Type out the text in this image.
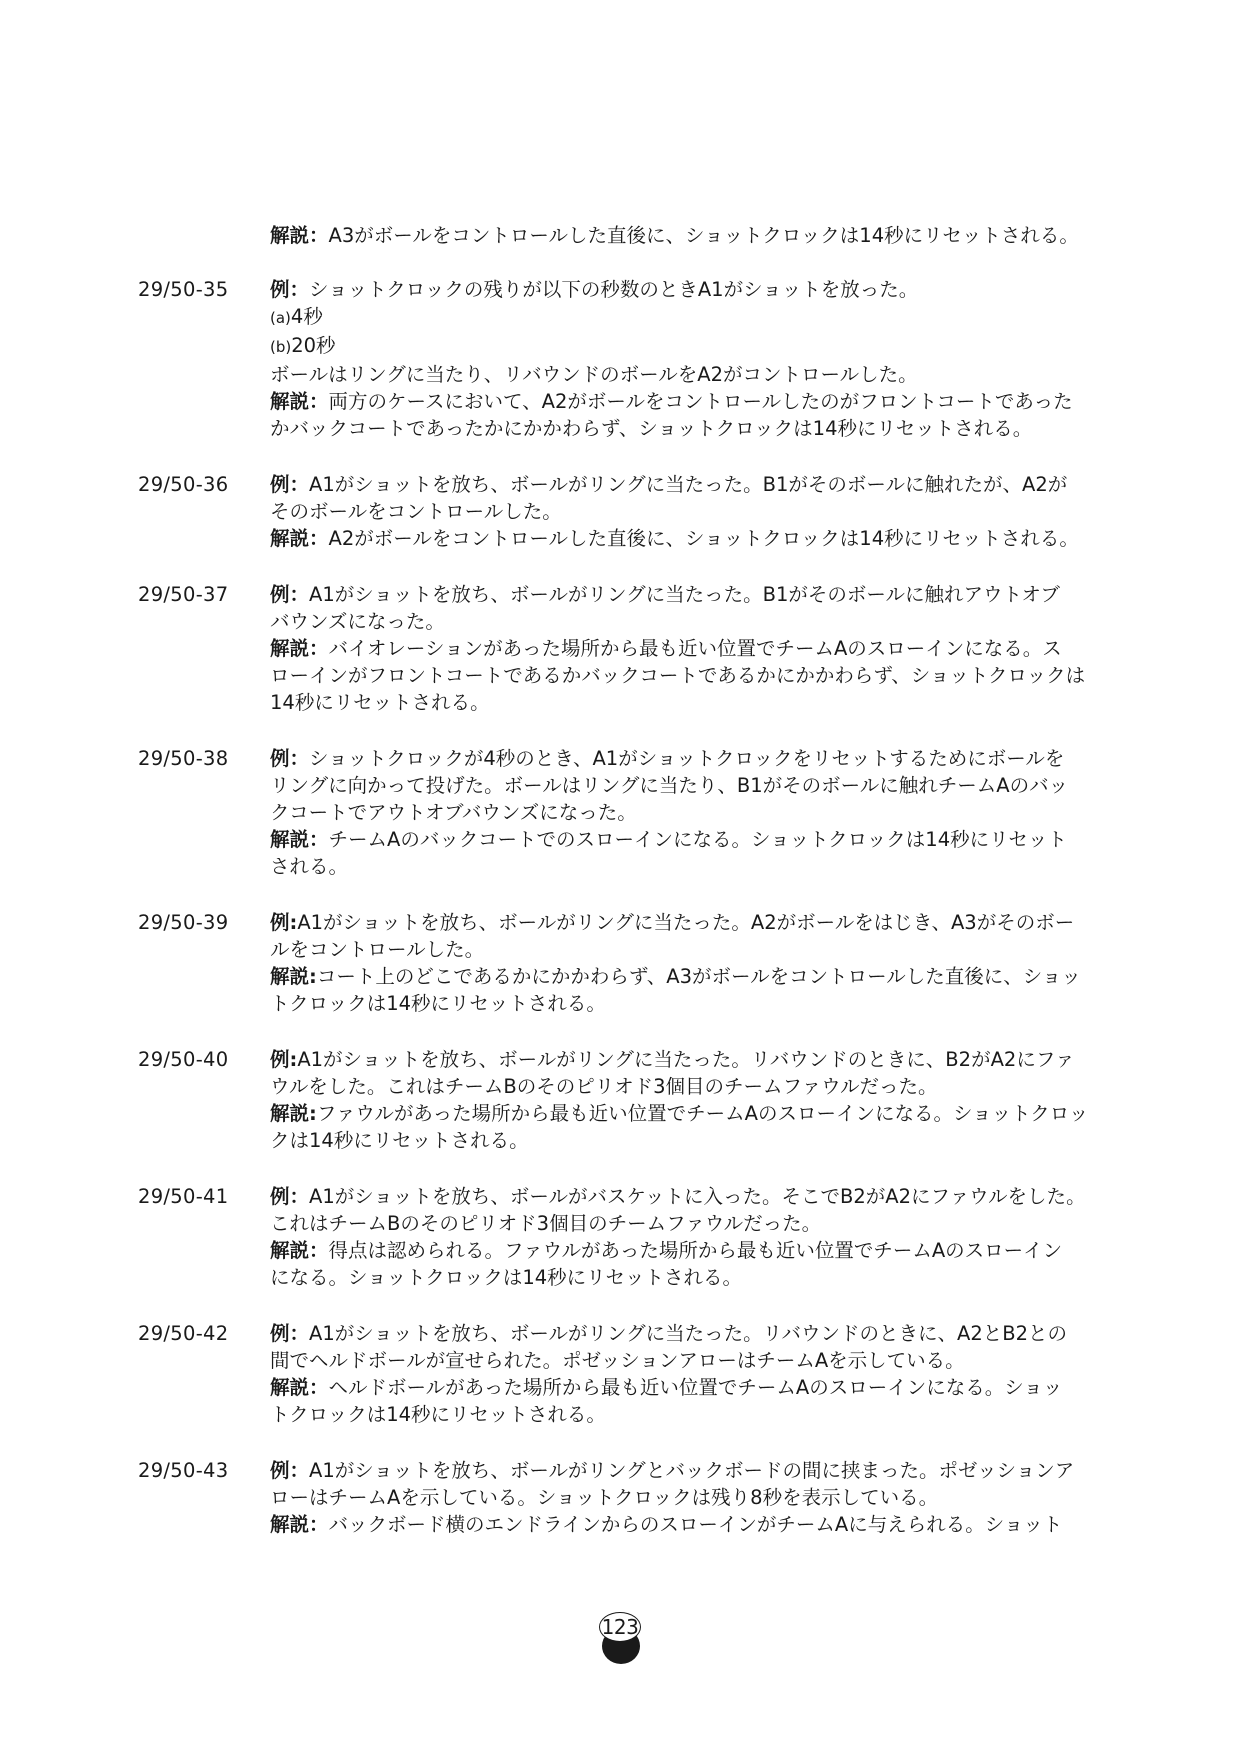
解説：A3がボールをコントロールした直後に、ショットクロックは14秒にリセットされる。
29/50-35 例：ショットクロックの残りが以下の秒数のときA1がショットを放った。
(a)4秒
(b)20秒
ボールはリングに当たり、リバウンドのボールをA2がコントロールした。
解説：両方のケースにおいて、A2がボールをコントロールしたのがフロントコートであった
かバックコートであったかにかかわらず、ショットクロックは14秒にリセットされる。
29/50-36 例：A1がショットを放ち、ボールがリングに当たった。B1がそのボールに触れたが、A2が
そのボールをコントロールした。
解説：A2がボールをコントロールした直後に、ショットクロックは14秒にリセットされる。
29/50-37 例：A1がショットを放ち、ボールがリングに当たった。B1がそのボールに触れアウトオブ
バウンズになった。
解説：バイオレーションがあった場所から最も近い位置でチームAのスローインになる。ス
ローインがフロントコートであるかバックコートであるかにかかわらず、ショットクロックは
14秒にリセットされる。
29/50-38 例：ショットクロックが4秒のとき、A1がショットクロックをリセットするためにボールを
リングに向かって投げた。ボールはリングに当たり、B1がそのボールに触れチームAのバッ
クコートでアウトオブバウンズになった。
解説：チームAのバックコートでのスローインになる。ショットクロックは14秒にリセット
される。
29/50-39 例:A1がショットを放ち、ボールがリングに当たった。A2がボールをはじき、A3がそのボー
ルをコントロールした。
解説:コート上のどこであるかにかかわらず、A3がボールをコントロールした直後に、ショッ
トクロックは14秒にリセットされる。
29/50-40 例:A1がショットを放ち、ボールがリングに当たった。リバウンドのときに、B2がA2にファ
ウルをした。これはチームBのそのピリオド3個目のチームファウルだった。
解説:ファウルがあった場所から最も近い位置でチームAのスローインになる。ショットクロッ
クは14秒にリセットされる。
29/50-41 例：A1がショットを放ち、ボールがバスケットに入った。そこでB2がA2にファウルをした。
これはチームBのそのピリオド3個目のチームファウルだった。
解説：得点は認められる。ファウルがあった場所から最も近い位置でチームAのスローイン
になる。ショットクロックは14秒にリセットされる。
29/50-42 例：A1がショットを放ち、ボールがリングに当たった。リバウンドのときに、A2とB2との
間でヘルドボールが宣せられた。ポゼッションアローはチームAを示している。
解説：ヘルドボールがあった場所から最も近い位置でチームAのスローインになる。ショッ
トクロックは14秒にリセットされる。
29/50-43 例：A1がショットを放ち、ボールがリングとバックボードの間に挟まった。ポゼッションア
ローはチームAを示している。ショットクロックは残り8秒を表示している。
解説：バックボード横のエンドラインからのスローインがチームAに与えられる。ショット
123
